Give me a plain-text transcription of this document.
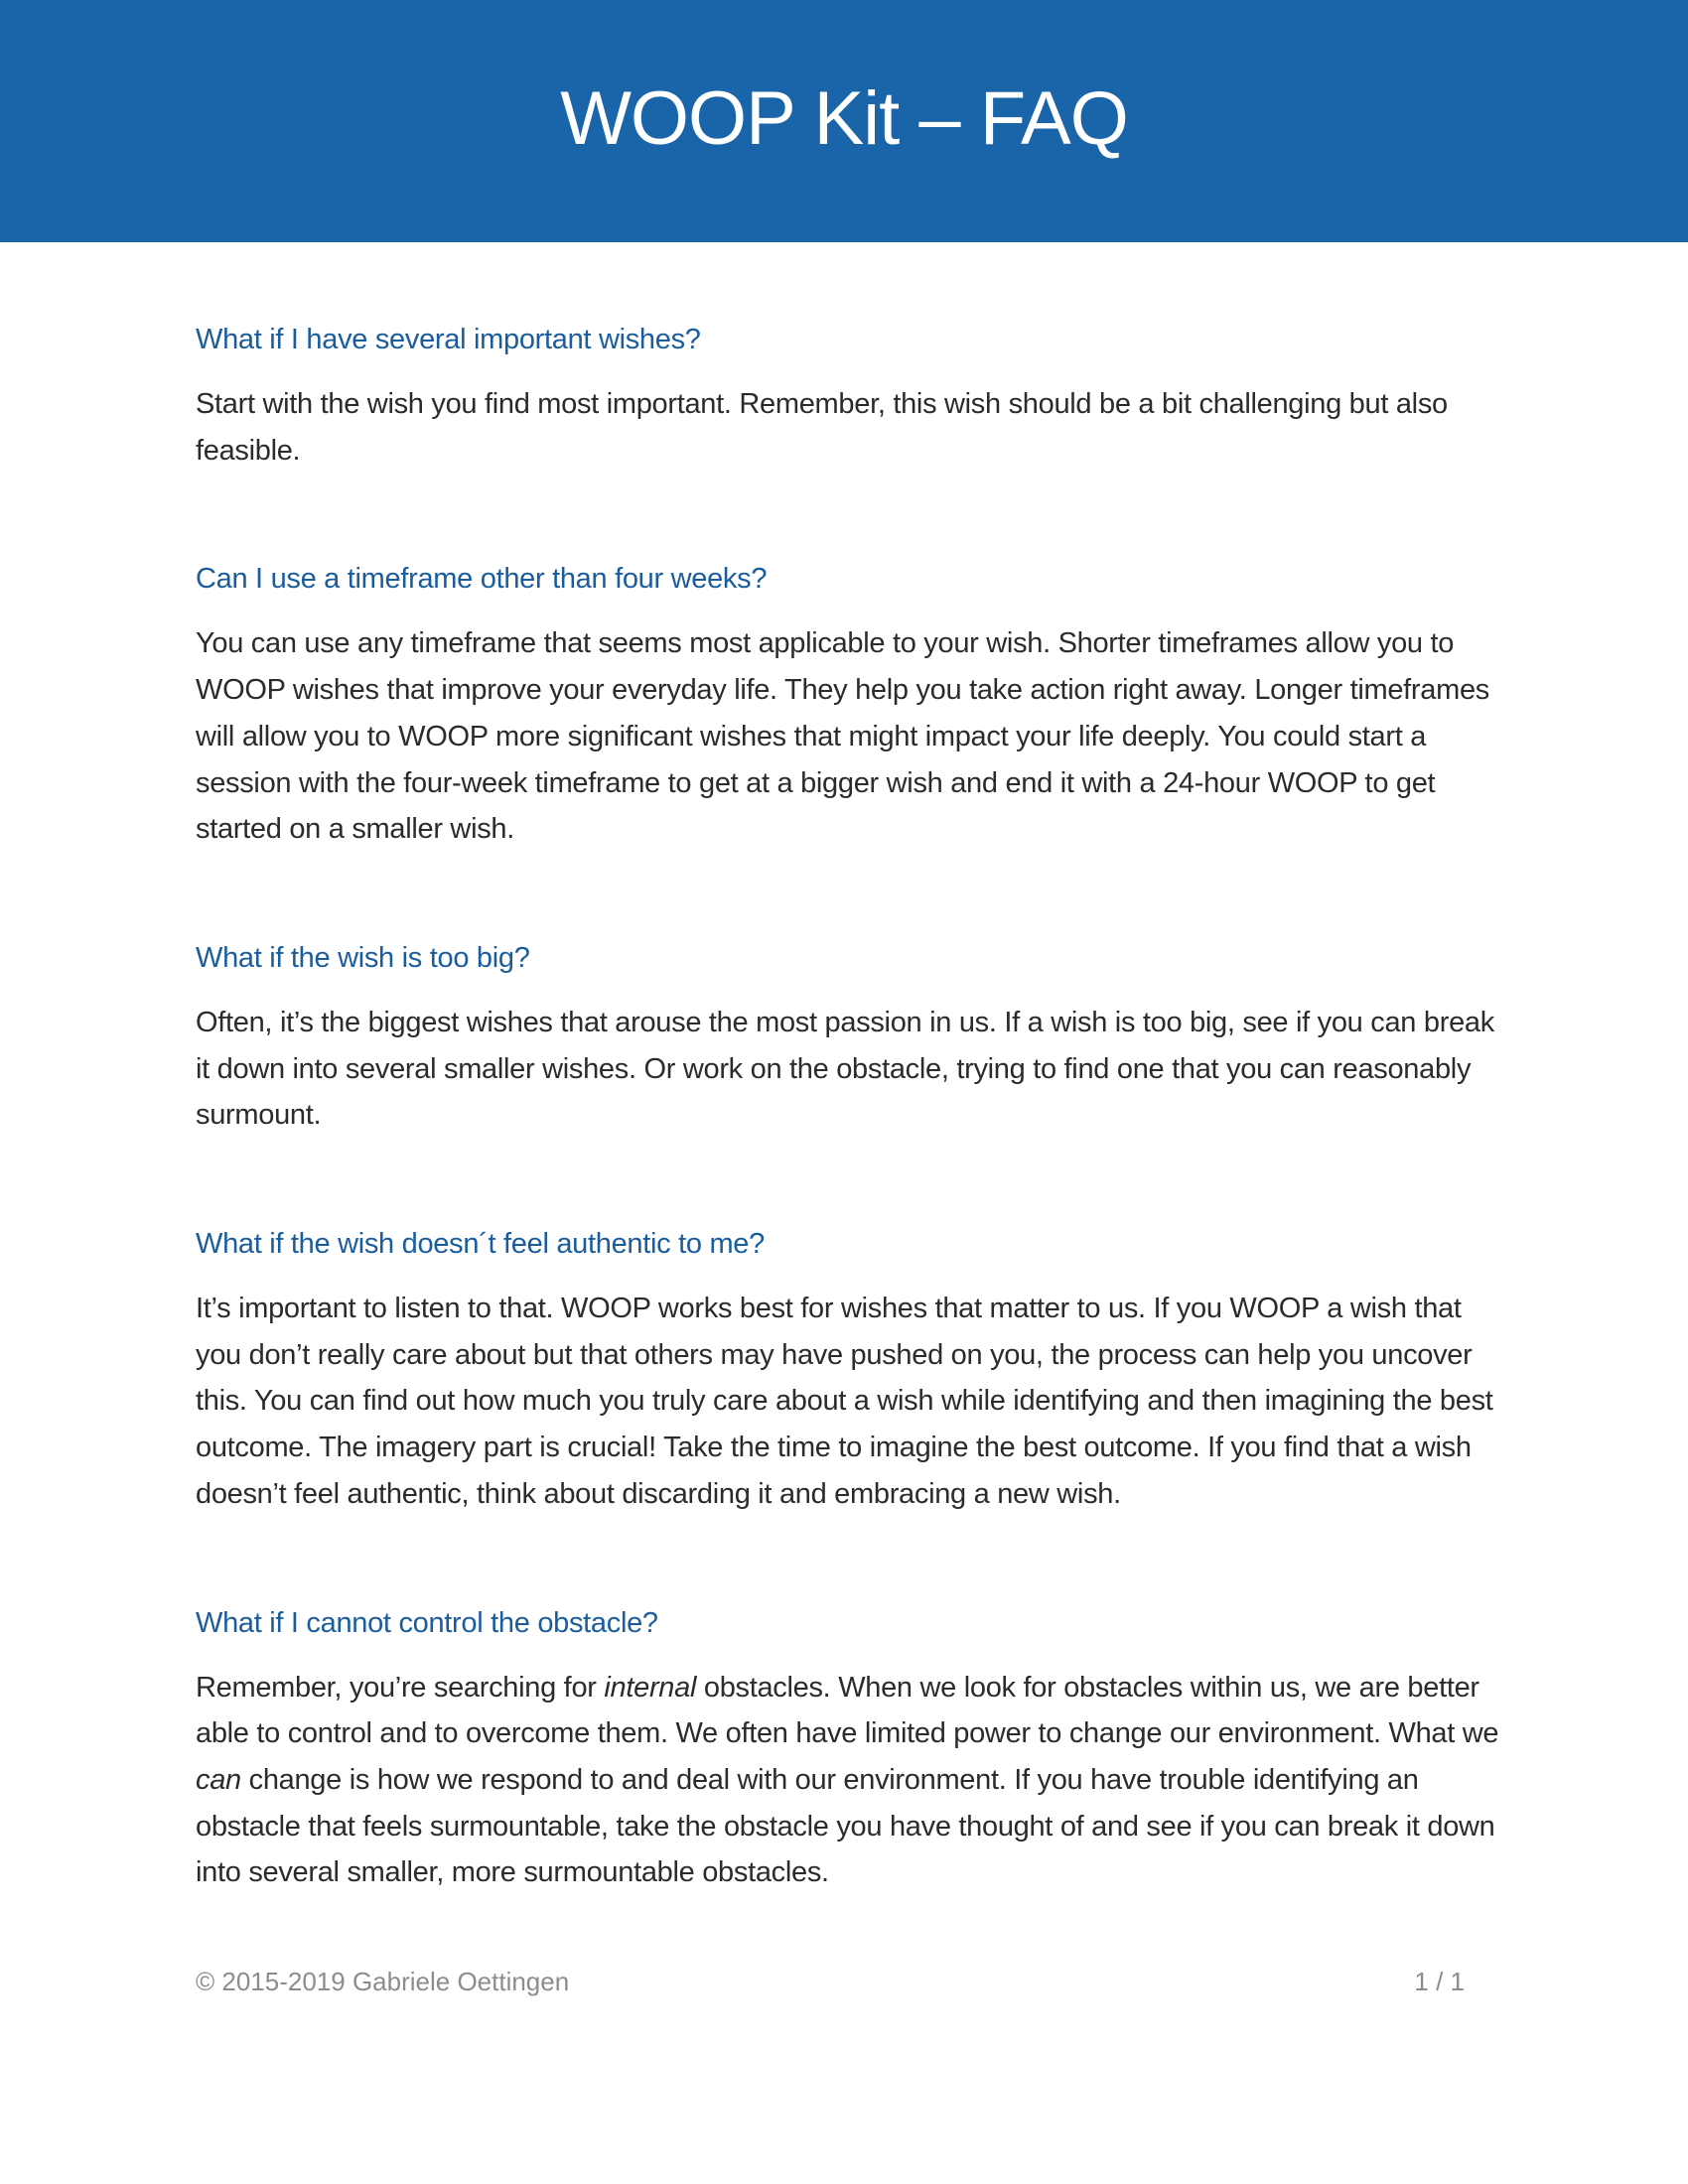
WOOP Kit – FAQ
What if I have several important wishes?

Start with the wish you find most important. Remember, this wish should be a bit challenging but also feasible.

Can I use a timeframe other than four weeks?

You can use any timeframe that seems most applicable to your wish. Shorter timeframes allow you to WOOP wishes that improve your everyday life. They help you take action right away. Longer timeframes will allow you to WOOP more significant wishes that might impact your life deeply. You could start a session with the four-week timeframe to get at a bigger wish and end it with a 24-hour WOOP to get started on a smaller wish.

What if the wish is too big?

Often, it’s the biggest wishes that arouse the most passion in us. If a wish is too big, see if you can break it down into several smaller wishes. Or work on the obstacle, trying to find one that you can reasonably surmount.

What if the wish doesn´t feel authentic to me?

It’s important to listen to that. WOOP works best for wishes that matter to us. If you WOOP a wish that you don’t really care about but that others may have pushed on you, the process can help you uncover this. You can find out how much you truly care about a wish while identifying and then imagining the best outcome. The imagery part is crucial! Take the time to imagine the best outcome. If you find that a wish doesn’t feel authentic, think about discarding it and embracing a new wish.

What if I cannot control the obstacle?

Remember, you’re searching for internal obstacles. When we look for obstacles within us, we are better able to control and to overcome them. We often have limited power to change our environment. What we can change is how we respond to and deal with our environment. If you have trouble identifying an obstacle that feels surmountable, take the obstacle you have thought of and see if you can break it down into several smaller, more surmountable obstacles.

© 2015-2019 Gabriele Oettingen	1 / 1
